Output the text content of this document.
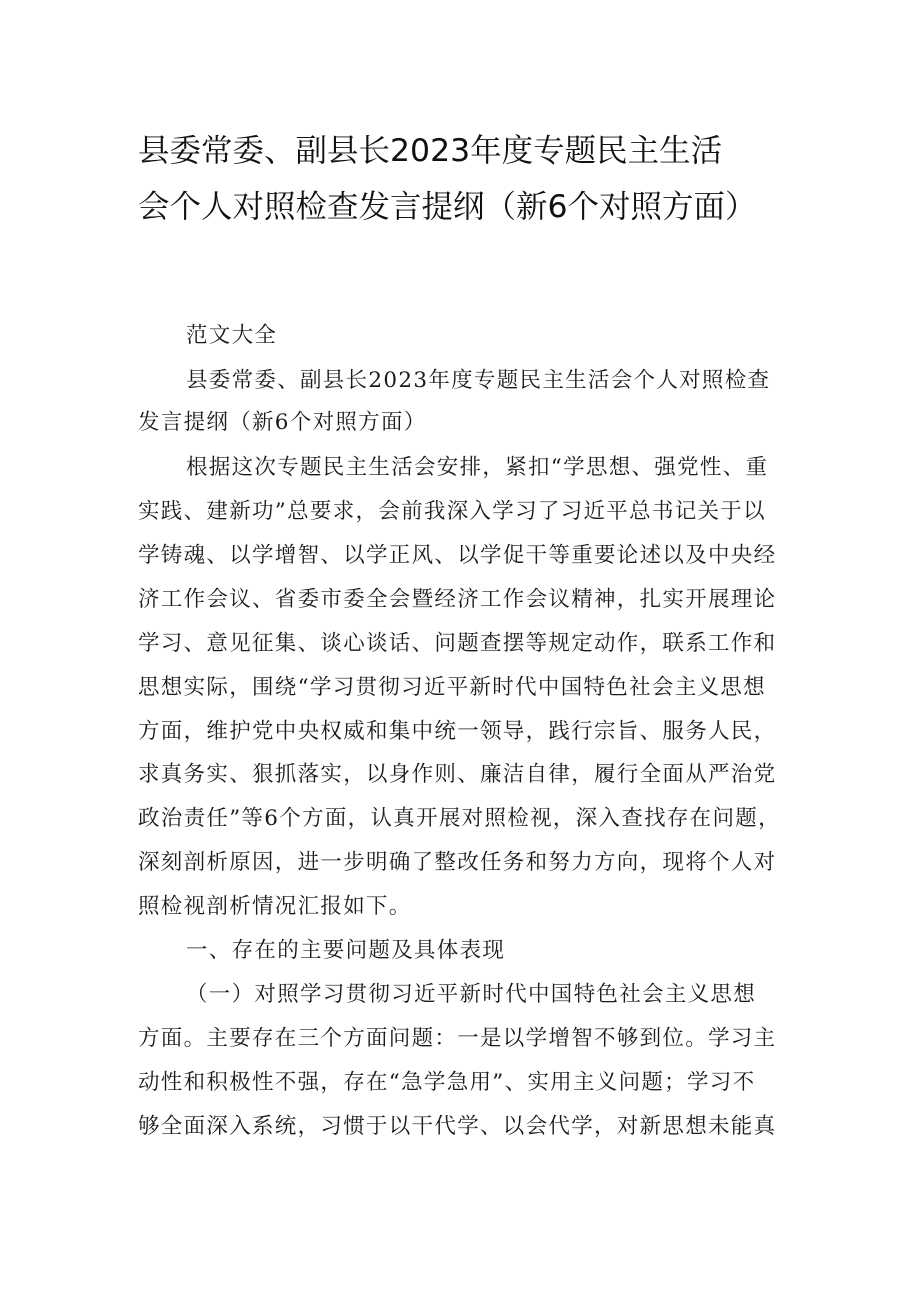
县委常委、副县长2023年度专题民主生活
会个人对照检查发言提纲（新6个对照方面）

范文大全

县委常委、副县长2023年度专题民主生活会个人对照检查

发言提纲（新6个对照方面）

根据这次专题民主生活会安排，紧扣“学思想、强党性、重

实践、建新功”总要求，会前我深入学习了习近平总书记关于以

学铸魂、以学增智、以学正风、以学促干等重要论述以及中央经

济工作会议、省委市委全会暨经济工作会议精神，扎实开展理论

学习、意见征集、谈心谈话、问题查摆等规定动作，联系工作和

思想实际，围绕“学习贯彻习近平新时代中国特色社会主义思想

方面，维护党中央权威和集中统一领导，践行宗旨、服务人民，

求真务实、狠抓落实，以身作则、廉洁自律，履行全面从严治党

政治责任”等6个方面，认真开展对照检视，深入查找存在问题，

深刻剖析原因，进一步明确了整改任务和努力方向，现将个人对

照检视剖析情况汇报如下。

一、存在的主要问题及具体表现

（一）对照学习贯彻习近平新时代中国特色社会主义思想

方面。主要存在三个方面问题：一是以学增智不够到位。学习主

动性和积极性不强，存在“急学急用”、实用主义问题；学习不

够全面深入系统，习惯于以干代学、以会代学，对新思想未能真
